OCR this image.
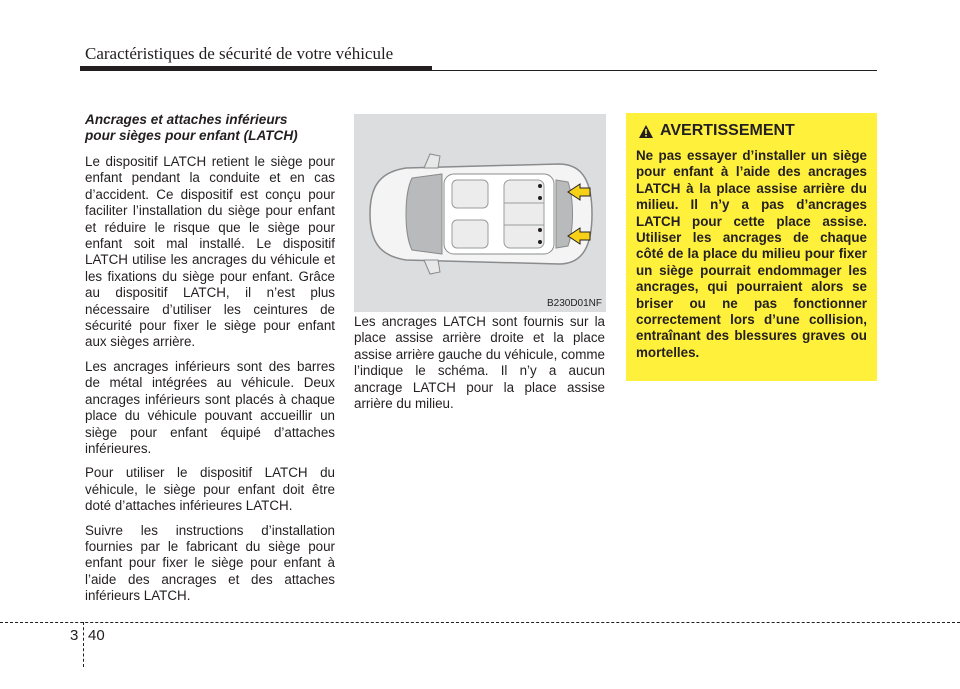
Caractéristiques de sécurité de votre véhicule
Ancrages et attaches inférieurs
pour sièges pour enfant (LATCH)

Le dispositif LATCH retient le siège pour enfant pendant la conduite et en cas d’accident. Ce dispositif est conçu pour faciliter l’installation du siège pour enfant et réduire le risque que le siège pour enfant soit mal installé. Le dispositif LATCH utilise les ancrages du véhicule et les fixations du siège pour enfant. Grâce au dispositif LATCH, il n’est plus nécessaire d’utiliser les ceintures de sécurité pour fixer le siège pour enfant aux sièges arrière.

Les ancrages inférieurs sont des barres de métal intégrées au véhicule. Deux ancrages inférieurs sont placés à chaque place du véhicule pouvant accueillir un siège pour enfant équipé d’attaches inférieures.

Pour utiliser le dispositif LATCH du véhicule, le siège pour enfant doit être doté d’attaches inférieures LATCH.

Suivre les instructions d’installation fournies par le fabricant du siège pour enfant pour fixer le siège pour enfant à l’aide des ancrages et des attaches inférieurs LATCH.

B230D01NF

Les ancrages LATCH sont fournis sur la place assise arrière droite et la place assise arrière gauche du véhicule, comme l’indique le schéma. Il n’y a aucun ancrage LATCH pour la place assise arrière du milieu.

AVERTISSEMENT
Ne pas essayer d’installer un siège pour enfant à l’aide des ancrages LATCH à la place assise arrière du milieu. Il n’y a pas d’ancrages LATCH pour cette place assise. Utiliser les ancrages de chaque côté de la place du milieu pour fixer un siège pourrait endommager les ancrages, qui pourraient alors se briser ou ne pas fonctionner correctement lors d’une collision, entraînant des blessures graves ou mortelles.
3 40
